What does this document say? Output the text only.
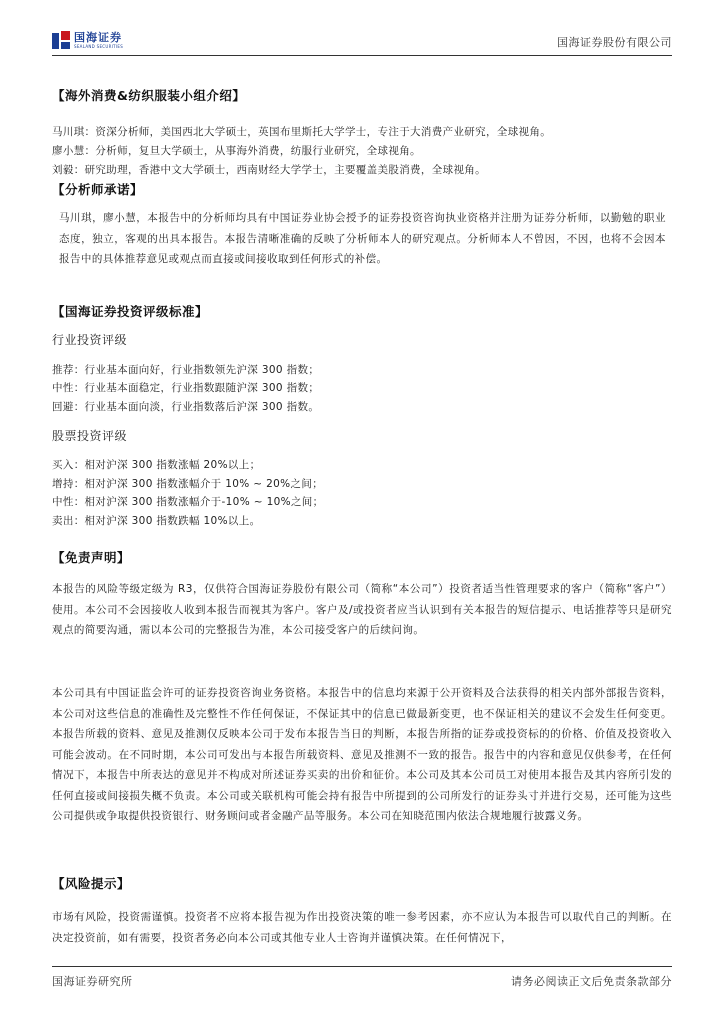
国海证券
SEALAND SECURITIES	国海证券股份有限公司
【海外消费&纺织服装小组介绍】
马川琪：资深分析师，美国西北大学硕士，英国布里斯托大学学士，专注于大消费产业研究，全球视角。
廖小慧：分析师，复旦大学硕士，从事海外消费，纺服行业研究，全球视角。
刘毅：研究助理，香港中文大学硕士，西南财经大学学士，主要覆盖美股消费，全球视角。
【分析师承诺】
马川琪，廖小慧，本报告中的分析师均具有中国证券业协会授予的证券投资咨询执业资格并注册为证券分析师，以勤勉的职业态度，独立，客观的出具本报告。本报告清晰准确的反映了分析师本人的研究观点。分析师本人不曾因，不因，也将不会因本报告中的具体推荐意见或观点而直接或间接收取到任何形式的补偿。
【国海证券投资评级标准】
行业投资评级
推荐：行业基本面向好，行业指数领先沪深 300 指数；
中性：行业基本面稳定，行业指数跟随沪深 300 指数；
回避：行业基本面向淡，行业指数落后沪深 300 指数。
股票投资评级
买入：相对沪深 300 指数涨幅 20%以上；
增持：相对沪深 300 指数涨幅介于 10% ~ 20%之间；
中性：相对沪深 300 指数涨幅介于-10% ~ 10%之间；
卖出：相对沪深 300 指数跌幅 10%以上。
【免责声明】
本报告的风险等级定级为 R3，仅供符合国海证券股份有限公司（简称“本公司”）投资者适当性管理要求的客户（简称“客户”）使用。本公司不会因接收人收到本报告而视其为客户。客户及/或投资者应当认识到有关本报告的短信提示、电话推荐等只是研究观点的简要沟通，需以本公司的完整报告为准，本公司接受客户的后续问询。
本公司具有中国证监会许可的证券投资咨询业务资格。本报告中的信息均来源于公开资料及合法获得的相关内部外部报告资料，本公司对这些信息的准确性及完整性不作任何保证，不保证其中的信息已做最新变更，也不保证相关的建议不会发生任何变更。本报告所载的资料、意见及推测仅反映本公司于发布本报告当日的判断，本报告所指的证券或投资标的的价格、价值及投资收入可能会波动。在不同时期，本公司可发出与本报告所载资料、意见及推测不一致的报告。报告中的内容和意见仅供参考，在任何情况下，本报告中所表达的意见并不构成对所述证券买卖的出价和征价。本公司及其本公司员工对使用本报告及其内容所引发的任何直接或间接损失概不负责。本公司或关联机构可能会持有报告中所提到的公司所发行的证券头寸并进行交易，还可能为这些公司提供或争取提供投资银行、财务顾问或者金融产品等服务。本公司在知晓范围内依法合规地履行披露义务。
【风险提示】
市场有风险，投资需谨慎。投资者不应将本报告视为作出投资决策的唯一参考因素，亦不应认为本报告可以取代自己的判断。在决定投资前，如有需要，投资者务必向本公司或其他专业人士咨询并谨慎决策。在任何情况下，
国海证券研究所	请务必阅读正文后免责条款部分
